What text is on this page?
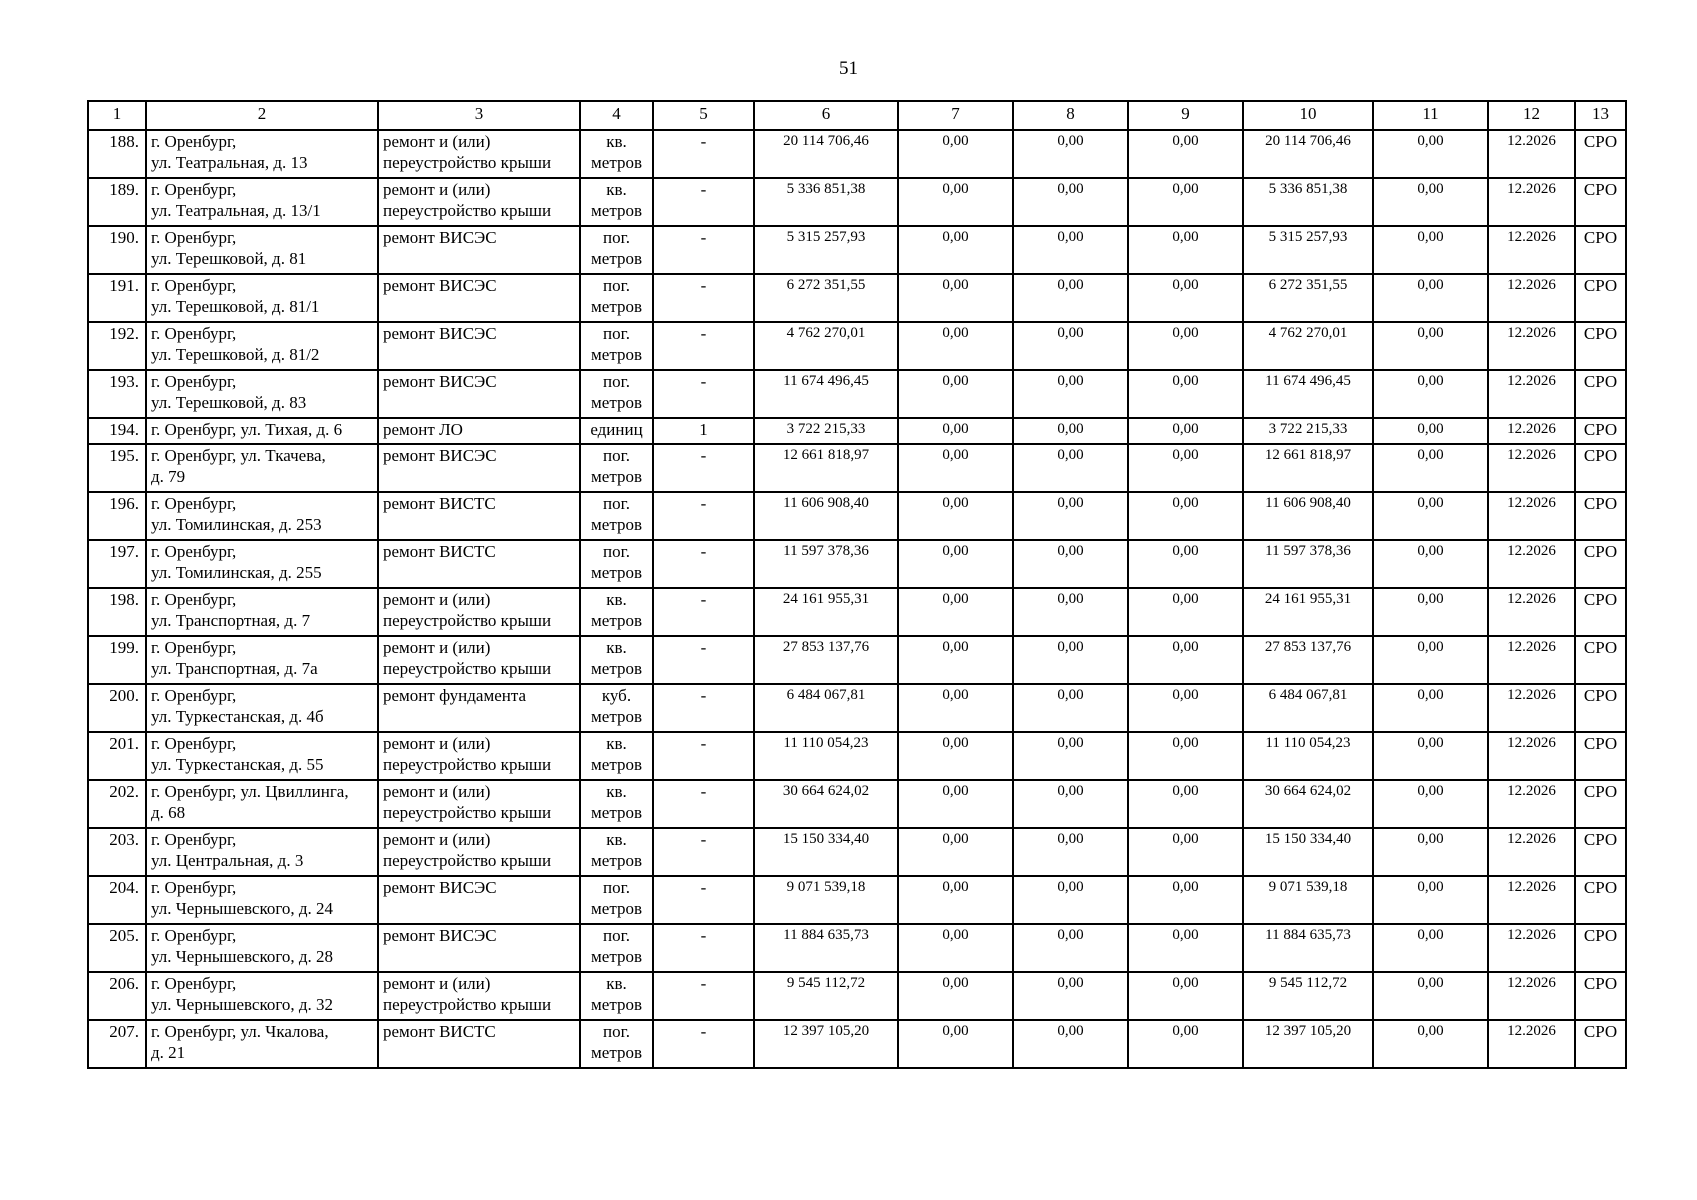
51
1	2	3	4	5	6	7	8	9	10	11	12	13
188.	г. Оренбург,
ул. Театральная, д. 13	ремонт и (или)
переустройство крыши	кв.
метров	-	20 114 706,46	0,00	0,00	0,00	20 114 706,46	0,00	12.2026	СРО
189.	г. Оренбург,
ул. Театральная, д. 13/1	ремонт и (или)
переустройство крыши	кв.
метров	-	5 336 851,38	0,00	0,00	0,00	5 336 851,38	0,00	12.2026	СРО
190.	г. Оренбург,
ул. Терешковой, д. 81	ремонт ВИСЭС	пог.
метров	-	5 315 257,93	0,00	0,00	0,00	5 315 257,93	0,00	12.2026	СРО
191.	г. Оренбург,
ул. Терешковой, д. 81/1	ремонт ВИСЭС	пог.
метров	-	6 272 351,55	0,00	0,00	0,00	6 272 351,55	0,00	12.2026	СРО
192.	г. Оренбург,
ул. Терешковой, д. 81/2	ремонт ВИСЭС	пог.
метров	-	4 762 270,01	0,00	0,00	0,00	4 762 270,01	0,00	12.2026	СРО
193.	г. Оренбург,
ул. Терешковой, д. 83	ремонт ВИСЭС	пог.
метров	-	11 674 496,45	0,00	0,00	0,00	11 674 496,45	0,00	12.2026	СРО
194.	г. Оренбург, ул. Тихая, д. 6	ремонт ЛО	единиц	1	3 722 215,33	0,00	0,00	0,00	3 722 215,33	0,00	12.2026	СРО
195.	г. Оренбург, ул. Ткачева,
д. 79	ремонт ВИСЭС	пог.
метров	-	12 661 818,97	0,00	0,00	0,00	12 661 818,97	0,00	12.2026	СРО
196.	г. Оренбург,
ул. Томилинская, д. 253	ремонт ВИСТС	пог.
метров	-	11 606 908,40	0,00	0,00	0,00	11 606 908,40	0,00	12.2026	СРО
197.	г. Оренбург,
ул. Томилинская, д. 255	ремонт ВИСТС	пог.
метров	-	11 597 378,36	0,00	0,00	0,00	11 597 378,36	0,00	12.2026	СРО
198.	г. Оренбург,
ул. Транспортная, д. 7	ремонт и (или)
переустройство крыши	кв.
метров	-	24 161 955,31	0,00	0,00	0,00	24 161 955,31	0,00	12.2026	СРО
199.	г. Оренбург,
ул. Транспортная, д. 7а	ремонт и (или)
переустройство крыши	кв.
метров	-	27 853 137,76	0,00	0,00	0,00	27 853 137,76	0,00	12.2026	СРО
200.	г. Оренбург,
ул. Туркестанская, д. 4б	ремонт фундамента	куб.
метров	-	6 484 067,81	0,00	0,00	0,00	6 484 067,81	0,00	12.2026	СРО
201.	г. Оренбург,
ул. Туркестанская, д. 55	ремонт и (или)
переустройство крыши	кв.
метров	-	11 110 054,23	0,00	0,00	0,00	11 110 054,23	0,00	12.2026	СРО
202.	г. Оренбург, ул. Цвиллинга,
д. 68	ремонт и (или)
переустройство крыши	кв.
метров	-	30 664 624,02	0,00	0,00	0,00	30 664 624,02	0,00	12.2026	СРО
203.	г. Оренбург,
ул. Центральная, д. 3	ремонт и (или)
переустройство крыши	кв.
метров	-	15 150 334,40	0,00	0,00	0,00	15 150 334,40	0,00	12.2026	СРО
204.	г. Оренбург,
ул. Чернышевского, д. 24	ремонт ВИСЭС	пог.
метров	-	9 071 539,18	0,00	0,00	0,00	9 071 539,18	0,00	12.2026	СРО
205.	г. Оренбург,
ул. Чернышевского, д. 28	ремонт ВИСЭС	пог.
метров	-	11 884 635,73	0,00	0,00	0,00	11 884 635,73	0,00	12.2026	СРО
206.	г. Оренбург,
ул. Чернышевского, д. 32	ремонт и (или)
переустройство крыши	кв.
метров	-	9 545 112,72	0,00	0,00	0,00	9 545 112,72	0,00	12.2026	СРО
207.	г. Оренбург, ул. Чкалова,
д. 21	ремонт ВИСТС	пог.
метров	-	12 397 105,20	0,00	0,00	0,00	12 397 105,20	0,00	12.2026	СРО
